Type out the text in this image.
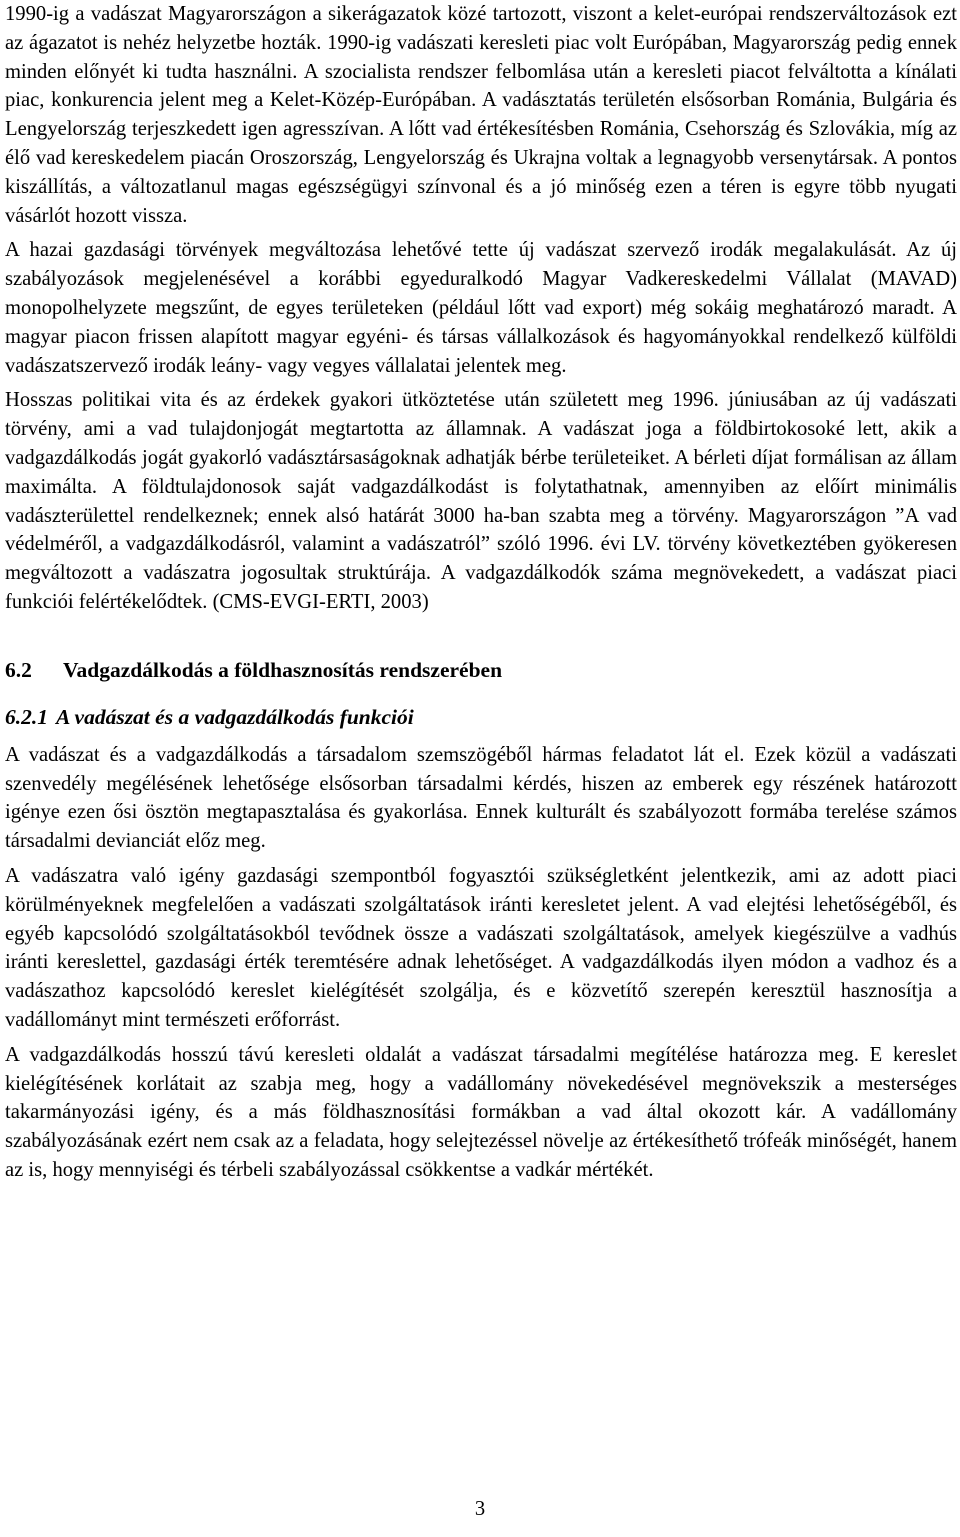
1990-ig a vadászat Magyarországon a sikerágazatok közé tartozott, viszont a kelet-európai rendszerváltozások ezt az ágazatot is nehéz helyzetbe hozták. 1990-ig vadászati keresleti piac volt Európában, Magyarország pedig ennek minden előnyét ki tudta használni. A szocialista rendszer felbomlása után a keresleti piacot felváltotta a kínálati piac, konkurencia jelent meg a Kelet-Közép-Európában. A vadásztatás területén elsősorban Románia, Bulgária és Lengyelország terjeszkedett igen agresszívan. A lőtt vad értékesítésben Románia, Csehország és Szlovákia, míg az élő vad kereskedelem piacán Oroszország, Lengyelország és Ukrajna voltak a legnagyobb versenytársak. A pontos kiszállítás, a változatlanul magas egészségügyi színvonal és a jó minőség ezen a téren is egyre több nyugati vásárlót hozott vissza.

A hazai gazdasági törvények megváltozása lehetővé tette új vadászat szervező irodák megalakulását. Az új szabályozások megjelenésével a korábbi egyeduralkodó Magyar Vadkereskedelmi Vállalat (MAVAD) monopolhelyzete megszűnt, de egyes területeken (például lőtt vad export) még sokáig meghatározó maradt. A magyar piacon frissen alapított magyar egyéni- és társas vállalkozások és hagyományokkal rendelkező külföldi vadászatszervező irodák leány- vagy vegyes vállalatai jelentek meg.

Hosszas politikai vita és az érdekek gyakori ütköztetése után született meg 1996. júniusában az új vadászati törvény, ami a vad tulajdonjogát megtartotta az államnak. A vadászat joga a földbirtokosoké lett, akik a vadgazdálkodás jogát gyakorló vadásztársaságoknak adhatják bérbe területeiket. A bérleti díjat formálisan az állam maximálta. A földtulajdonosok saját vadgazdálkodást is folytathatnak, amennyiben az előírt minimális vadászterülettel rendelkeznek; ennek alsó határát 3000 ha-ban szabta meg a törvény. Magyarországon ”A vad védelméről, a vadgazdálkodásról, valamint a vadászatról” szóló 1996. évi LV. törvény következtében gyökeresen megváltozott a vadászatra jogosultak struktúrája. A vadgazdálkodók száma megnövekedett, a vadászat piaci funkciói felértékelődtek. (CMS-EVGI-ERTI, 2003)

6.2	Vadgazdálkodás a földhasznosítás rendszerében
6.2.1 A vadászat és a vadgazdálkodás funkciói

A vadászat és a vadgazdálkodás a társadalom szemszögéből hármas feladatot lát el. Ezek közül a vadászati szenvedély megélésének lehetősége elsősorban társadalmi kérdés, hiszen az emberek egy részének határozott igénye ezen ősi ösztön megtapasztalása és gyakorlása. Ennek kulturált és szabályozott formába terelése számos társadalmi devianciát előz meg.

A vadászatra való igény gazdasági szempontból fogyasztói szükségletként jelentkezik, ami az adott piaci körülményeknek megfelelően a vadászati szolgáltatások iránti keresletet jelent. A vad elejtési lehetőségéből, és egyéb kapcsolódó szolgáltatásokból tevődnek össze a vadászati szolgáltatások, amelyek kiegészülve a vadhús iránti kereslettel, gazdasági érték teremtésére adnak lehetőséget. A vadgazdálkodás ilyen módon a vadhoz és a vadászathoz kapcsolódó kereslet kielégítését szolgálja, és e közvetítő szerepén keresztül hasznosítja a vadállományt mint természeti erőforrást.

A vadgazdálkodás hosszú távú keresleti oldalát a vadászat társadalmi megítélése határozza meg. E kereslet kielégítésének korlátait az szabja meg, hogy a vadállomány növekedésével megnövekszik a mesterséges takarmányozási igény, és a más földhasznosítási formákban a vad által okozott kár. A vadállomány szabályozásának ezért nem csak az a feladata, hogy selejtezéssel növelje az értékesíthető trófeák minőségét, hanem az is, hogy mennyiségi és térbeli szabályozással csökkentse a vadkár mértékét.

3
